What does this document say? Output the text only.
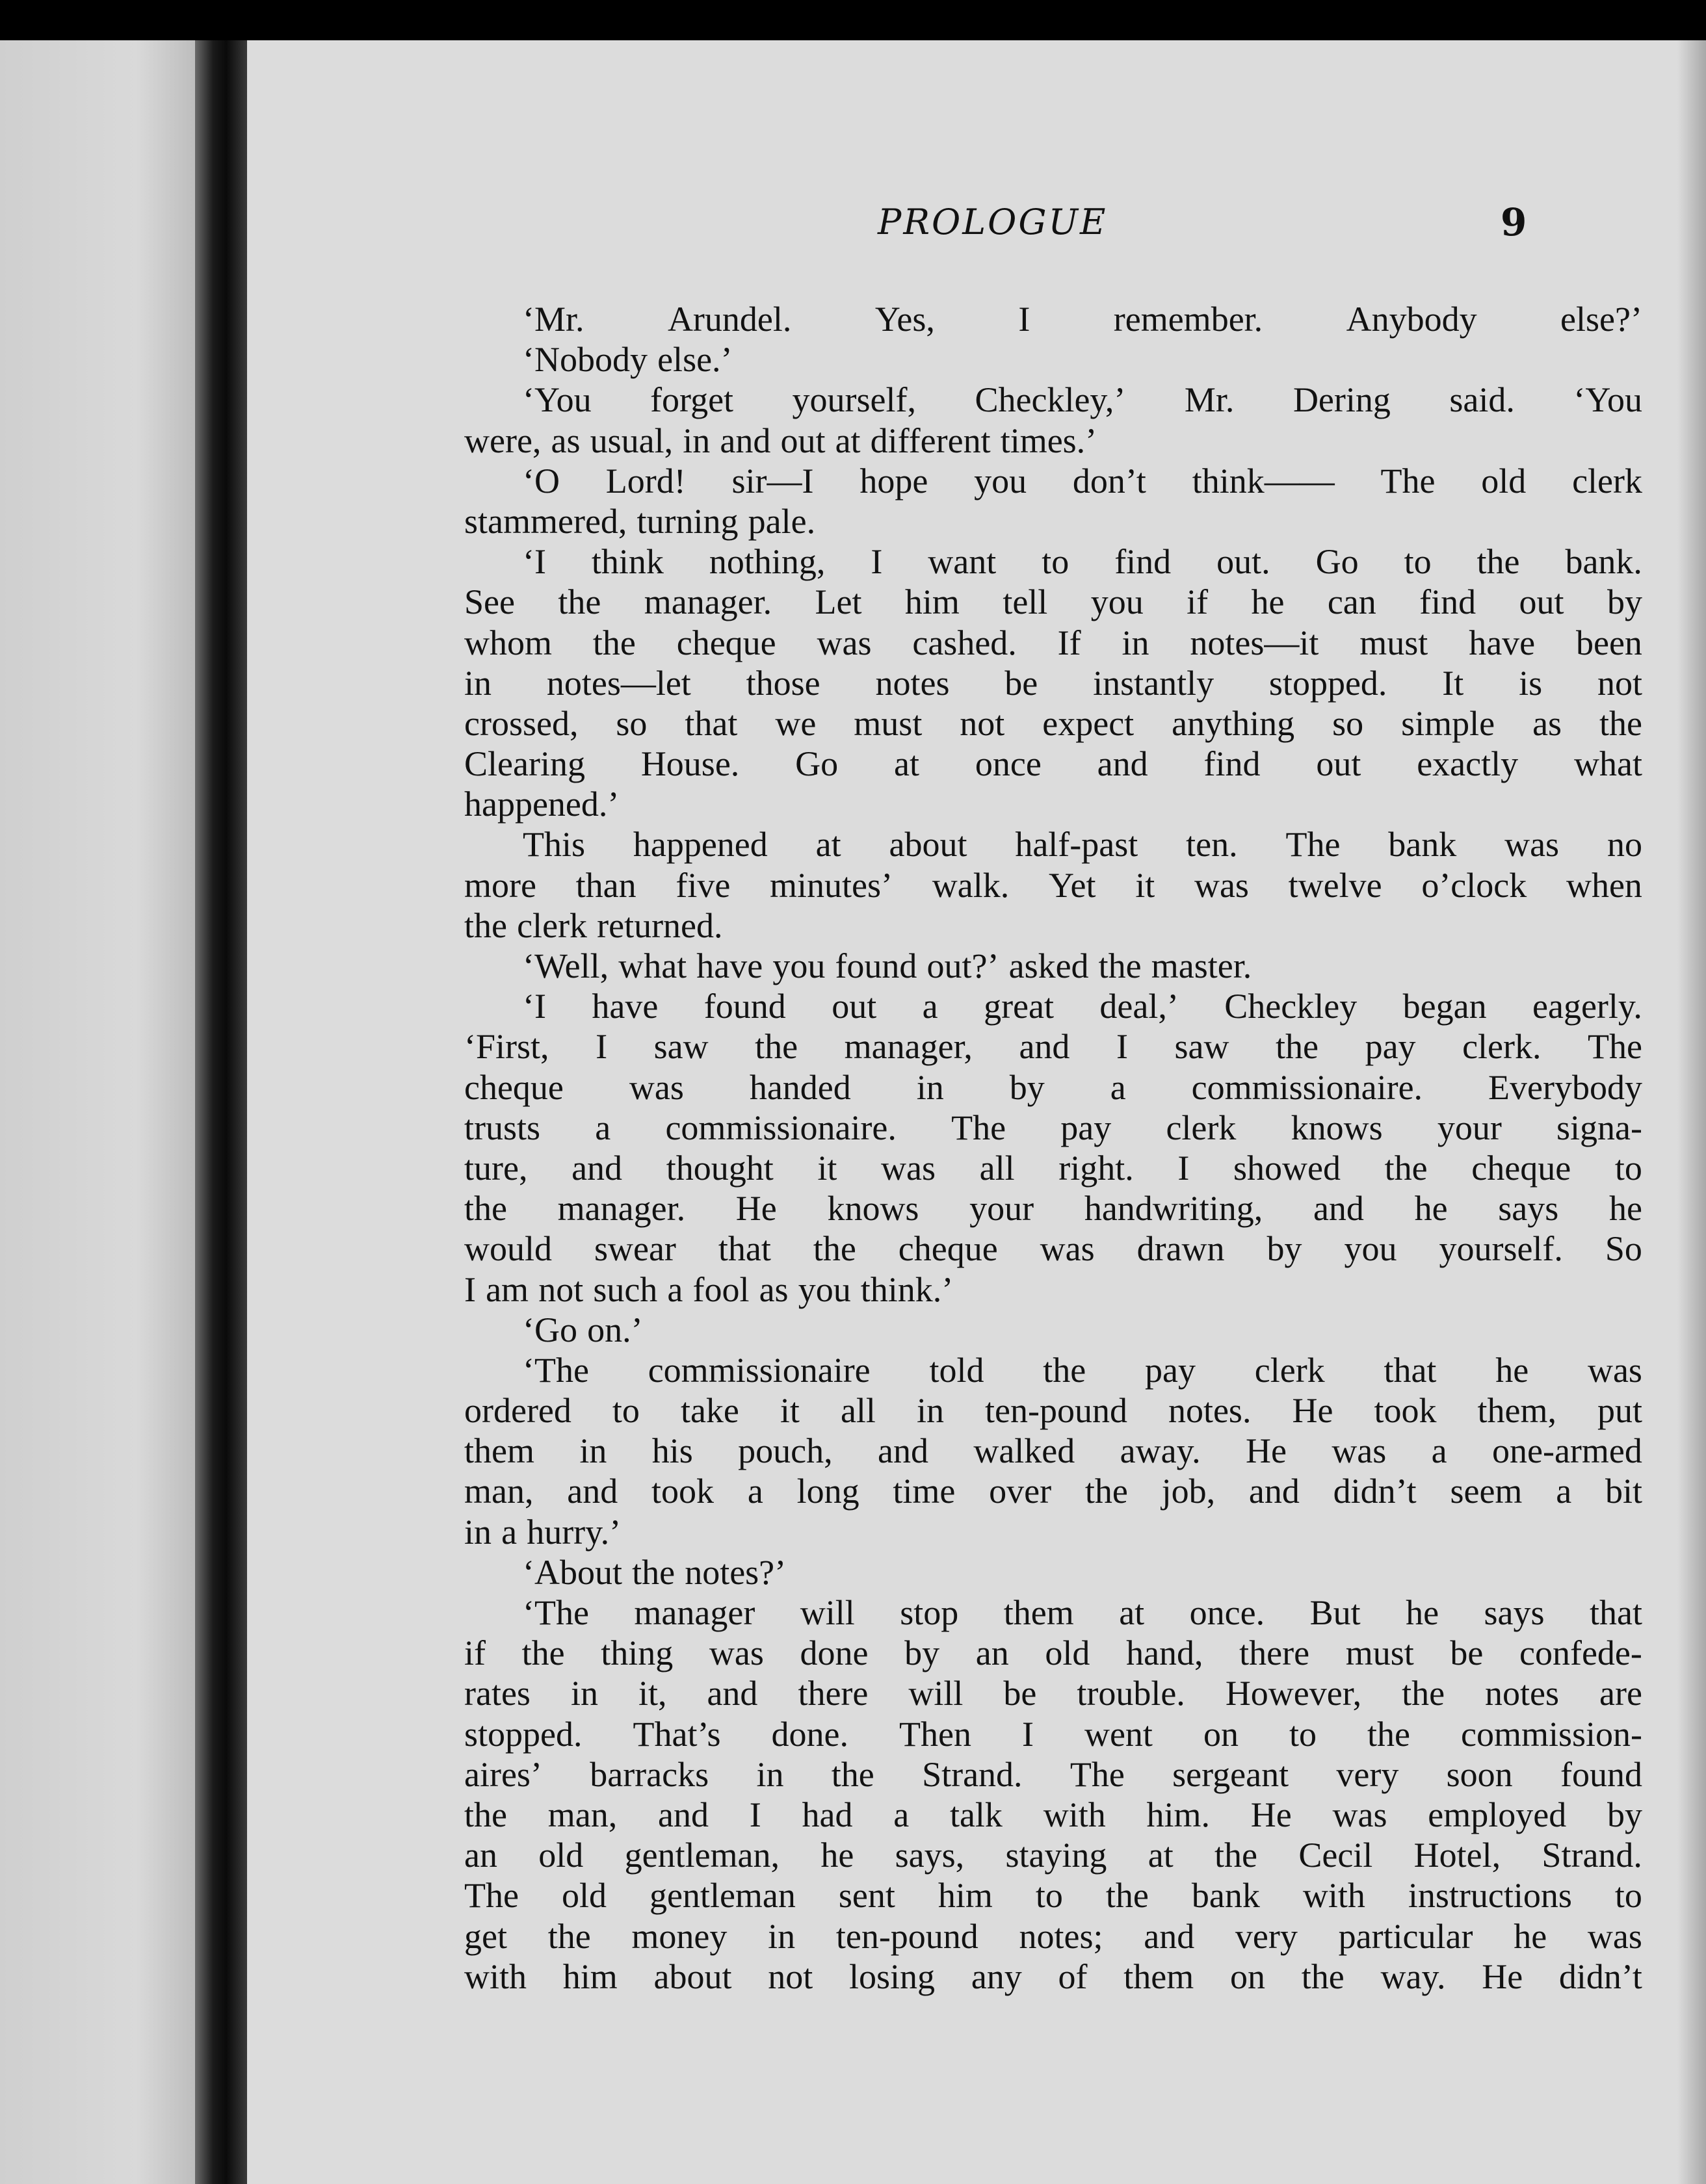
PROLOGUE	9
‘Mr. Arundel. Yes, I remember. Anybody else?’
‘Nobody else.’
‘You forget yourself, Checkley,’ Mr. Dering said. ‘You
were, as usual, in and out at different times.’
‘O Lord! sir—I hope you don’t think—— The old clerk
stammered, turning pale.
‘I think nothing, I want to find out. Go to the bank.
See the manager. Let him tell you if he can find out by
whom the cheque was cashed. If in notes—it must have been
in notes—let those notes be instantly stopped. It is not
crossed, so that we must not expect anything so simple as the
Clearing House. Go at once and find out exactly what
happened.’
This happened at about half-past ten. The bank was no
more than five minutes’ walk. Yet it was twelve o’clock when
the clerk returned.
‘Well, what have you found out?’ asked the master.
‘I have found out a great deal,’ Checkley began eagerly.
‘First, I saw the manager, and I saw the pay clerk. The
cheque was handed in by a commissionaire. Everybody
trusts a commissionaire. The pay clerk knows your signa-
ture, and thought it was all right. I showed the cheque to
the manager. He knows your handwriting, and he says he
would swear that the cheque was drawn by you yourself. So
I am not such a fool as you think.’
‘Go on.’
‘The commissionaire told the pay clerk that he was
ordered to take it all in ten-pound notes. He took them, put
them in his pouch, and walked away. He was a one-armed
man, and took a long time over the job, and didn’t seem a bit
in a hurry.’
‘About the notes?’
‘The manager will stop them at once. But he says that
if the thing was done by an old hand, there must be confede-
rates in it, and there will be trouble. However, the notes are
stopped. That’s done. Then I went on to the commission-
aires’ barracks in the Strand. The sergeant very soon found
the man, and I had a talk with him. He was employed by
an old gentleman, he says, staying at the Cecil Hotel, Strand.
The old gentleman sent him to the bank with instructions to
get the money in ten-pound notes; and very particular he was
with him about not losing any of them on the way. He didn’t
